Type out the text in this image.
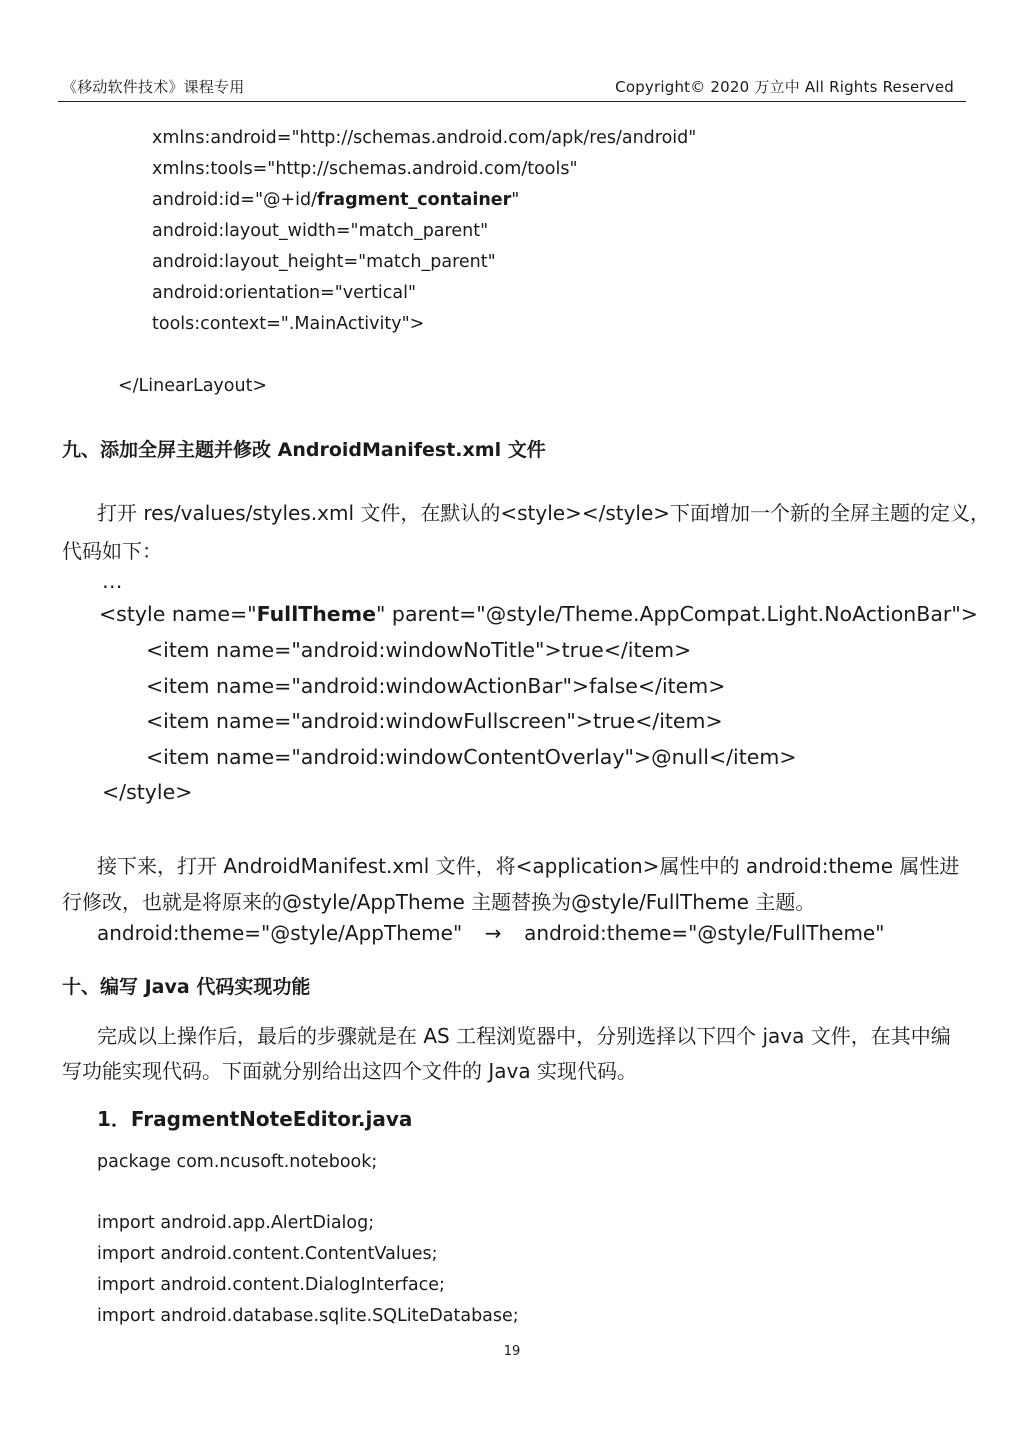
《移动软件技术》课程专用	Copyright© 2020 万立中 All Rights Reserved
xmlns:android="http://schemas.android.com/apk/res/android"
xmlns:tools="http://schemas.android.com/tools"
android:id="@+id/fragment_container"
android:layout_width="match_parent"
android:layout_height="match_parent"
android:orientation="vertical"
tools:context=".MainActivity">
</LinearLayout>
九、添加全屏主题并修改 AndroidManifest.xml 文件
打开 res/values/styles.xml 文件，在默认的<style></style>下面增加一个新的全屏主题的定义，
代码如下：
…
<style name="FullTheme" parent="@style/Theme.AppCompat.Light.NoActionBar">
<item name="android:windowNoTitle">true</item>
<item name="android:windowActionBar">false</item>
<item name="android:windowFullscreen">true</item>
<item name="android:windowContentOverlay">@null</item>
</style>
接下来，打开 AndroidManifest.xml 文件，将<application>属性中的 android:theme 属性进
行修改，也就是将原来的@style/AppTheme 主题替换为@style/FullTheme 主题。
android:theme="@style/AppTheme" → android:theme="@style/FullTheme"
十、编写 Java 代码实现功能
完成以上操作后，最后的步骤就是在 AS 工程浏览器中，分别选择以下四个 java 文件，在其中编
写功能实现代码。下面就分别给出这四个文件的 Java 实现代码。
1．FragmentNoteEditor.java
package com.ncusoft.notebook;
import android.app.AlertDialog;
import android.content.ContentValues;
import android.content.DialogInterface;
import android.database.sqlite.SQLiteDatabase;
19
